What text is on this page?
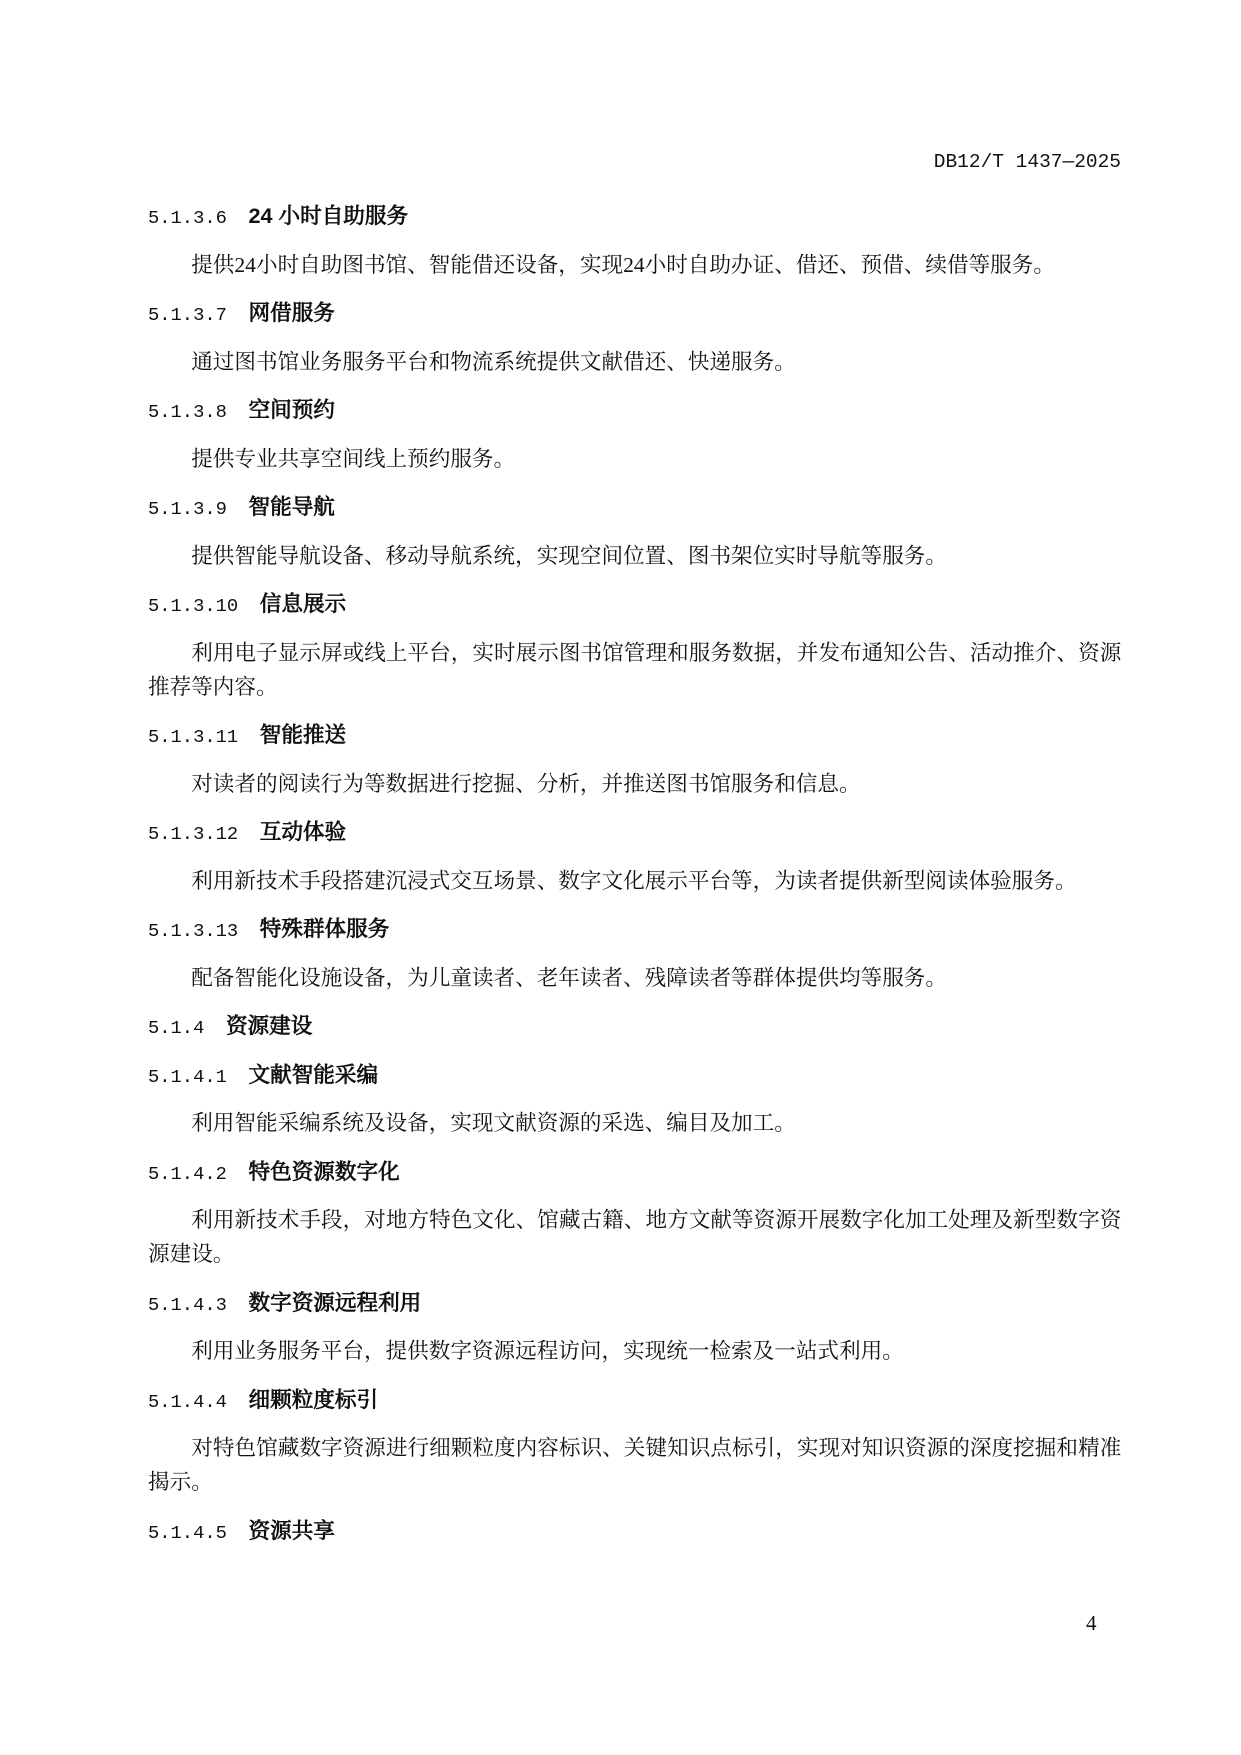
DB12/T 1437—2025
5.1.3.6 24 小时自助服务

提供24小时自助图书馆、智能借还设备，实现24小时自助办证、借还、预借、续借等服务。

5.1.3.7 网借服务

通过图书馆业务服务平台和物流系统提供文献借还、快递服务。

5.1.3.8 空间预约

提供专业共享空间线上预约服务。

5.1.3.9 智能导航

提供智能导航设备、移动导航系统，实现空间位置、图书架位实时导航等服务。

5.1.3.10 信息展示

利用电子显示屏或线上平台，实时展示图书馆管理和服务数据，并发布通知公告、活动推介、资源
推荐等内容。

5.1.3.11 智能推送

对读者的阅读行为等数据进行挖掘、分析，并推送图书馆服务和信息。

5.1.3.12 互动体验

利用新技术手段搭建沉浸式交互场景、数字文化展示平台等，为读者提供新型阅读体验服务。

5.1.3.13 特殊群体服务

配备智能化设施设备，为儿童读者、老年读者、残障读者等群体提供均等服务。

5.1.4 资源建设
5.1.4.1 文献智能采编

利用智能采编系统及设备，实现文献资源的采选、编目及加工。

5.1.4.2 特色资源数字化

利用新技术手段，对地方特色文化、馆藏古籍、地方文献等资源开展数字化加工处理及新型数字资
源建设。

5.1.4.3 数字资源远程利用

利用业务服务平台，提供数字资源远程访问，实现统一检索及一站式利用。

5.1.4.4 细颗粒度标引

对特色馆藏数字资源进行细颗粒度内容标识、关键知识点标引，实现对知识资源的深度挖掘和精准
揭示。

5.1.4.5 资源共享
4
